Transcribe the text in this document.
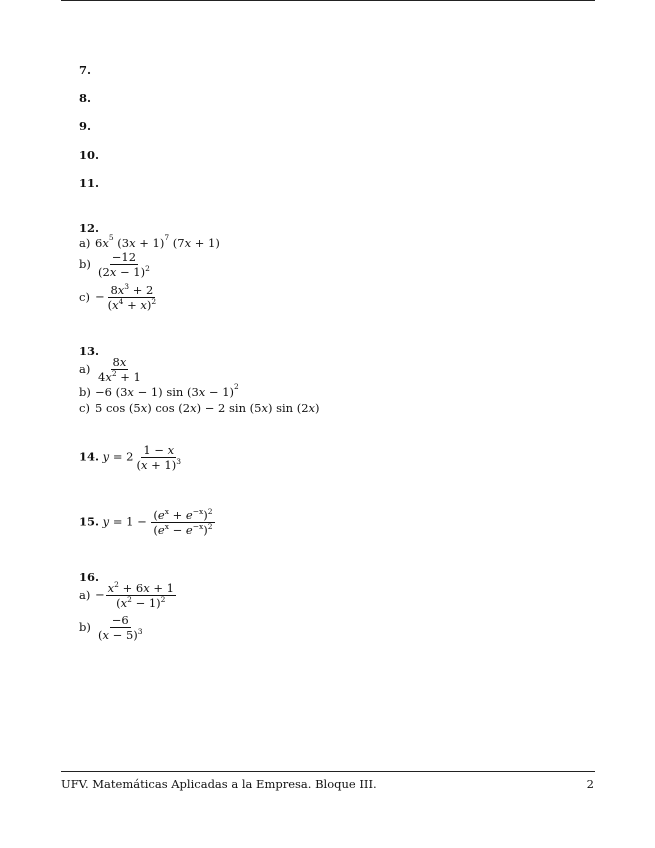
7.
8.
9.
10.
11.
12.
a) $6x^5$ $(3x + 1)^7$ (7x + 1)
$b) \frac{-12}{(2x - 1)^2}$
$c) - \frac{8x^3 + 2}{(x^4 + x)^2}$
13.
$a) \frac{8x}{4x^2 + 1}$
b) −6 (3x − 1) $\sin (3x - 1)^2$
c) 5 cos (5x) cos (2x) − 2 sin (5x) sin (2x)
14. $y = 2 \frac{1 - x}{(x + 1)^3}$
15. $y = 1 - \frac{(e^x + e^{-x})^2}{(e^x - e^{-x})^2}$
16.
$a) - \frac{x^2 + 6x + 1}{(x^2 - 1)^2}$
$b) \frac{-6}{(x - 5)^3}$
UFV. Matemáticas Aplicadas a la Empresa. Bloque III.	2
